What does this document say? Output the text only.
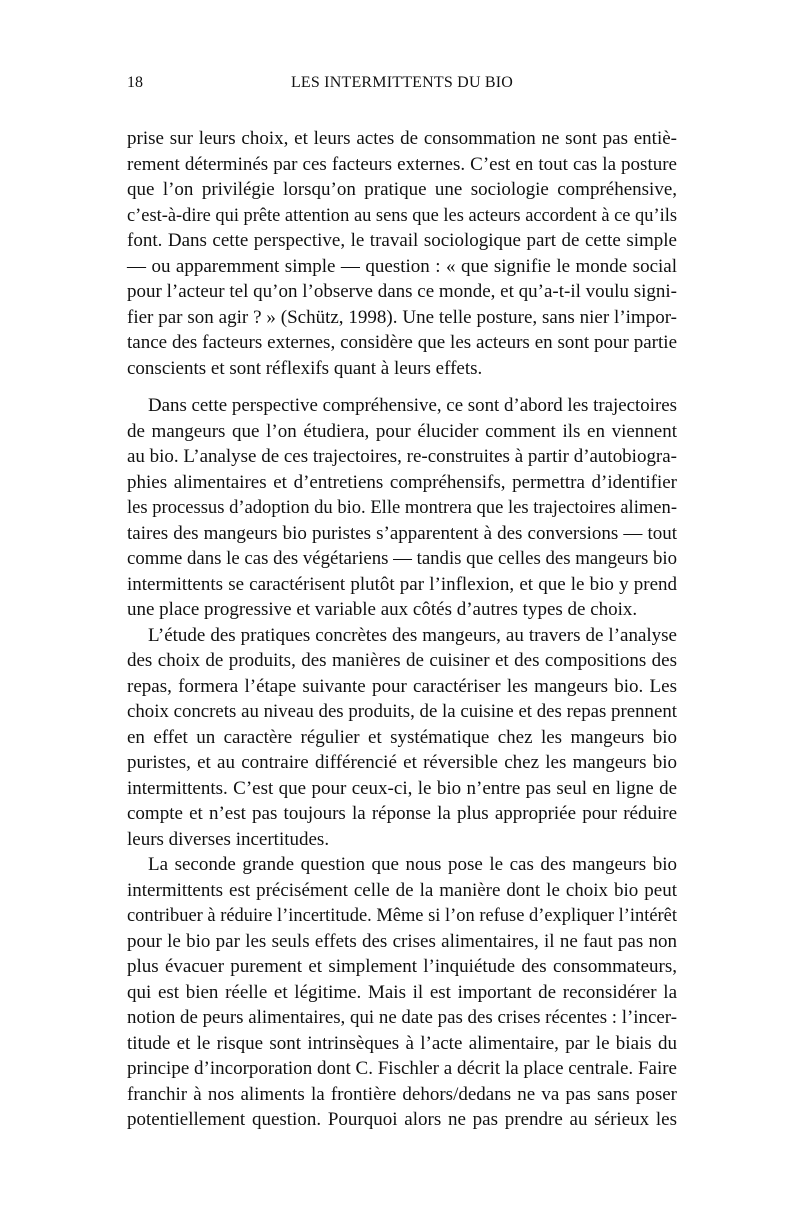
18	LES INTERMITTENTS DU BIO

prise sur leurs choix, et leurs actes de consommation ne sont pas entiè-
rement déterminés par ces facteurs externes. C’est en tout cas la posture
que l’on privilégie lorsqu’on pratique une sociologie compréhensive,
c’est-à-dire qui prête attention au sens que les acteurs accordent à ce qu’ils
font. Dans cette perspective, le travail sociologique part de cette simple
— ou apparemment simple — question : « que signifie le monde social
pour l’acteur tel qu’on l’observe dans ce monde, et qu’a-t-il voulu signi-
fier par son agir ? » (Schütz, 1998). Une telle posture, sans nier l’impor-
tance des facteurs externes, considère que les acteurs en sont pour partie
conscients et sont réflexifs quant à leurs effets.

Dans cette perspective compréhensive, ce sont d’abord les trajectoires
de mangeurs que l’on étudiera, pour élucider comment ils en viennent
au bio. L’analyse de ces trajectoires, re-construites à partir d’autobiogra-
phies alimentaires et d’entretiens compréhensifs, permettra d’identifier
les processus d’adoption du bio. Elle montrera que les trajectoires alimen-
taires des mangeurs bio puristes s’apparentent à des conversions — tout
comme dans le cas des végétariens — tandis que celles des mangeurs bio
intermittents se caractérisent plutôt par l’inflexion, et que le bio y prend
une place progressive et variable aux côtés d’autres types de choix.

L’étude des pratiques concrètes des mangeurs, au travers de l’analyse
des choix de produits, des manières de cuisiner et des compositions des
repas, formera l’étape suivante pour caractériser les mangeurs bio. Les
choix concrets au niveau des produits, de la cuisine et des repas prennent
en effet un caractère régulier et systématique chez les mangeurs bio
puristes, et au contraire différencié et réversible chez les mangeurs bio
intermittents. C’est que pour ceux-ci, le bio n’entre pas seul en ligne de
compte et n’est pas toujours la réponse la plus appropriée pour réduire
leurs diverses incertitudes.

La seconde grande question que nous pose le cas des mangeurs bio
intermittents est précisément celle de la manière dont le choix bio peut
contribuer à réduire l’incertitude. Même si l’on refuse d’expliquer l’intérêt
pour le bio par les seuls effets des crises alimentaires, il ne faut pas non
plus évacuer purement et simplement l’inquiétude des consommateurs,
qui est bien réelle et légitime. Mais il est important de reconsidérer la
notion de peurs alimentaires, qui ne date pas des crises récentes : l’incer-
titude et le risque sont intrinsèques à l’acte alimentaire, par le biais du
principe d’incorporation dont C. Fischler a décrit la place centrale. Faire
franchir à nos aliments la frontière dehors/dedans ne va pas sans poser
potentiellement question. Pourquoi alors ne pas prendre au sérieux les
